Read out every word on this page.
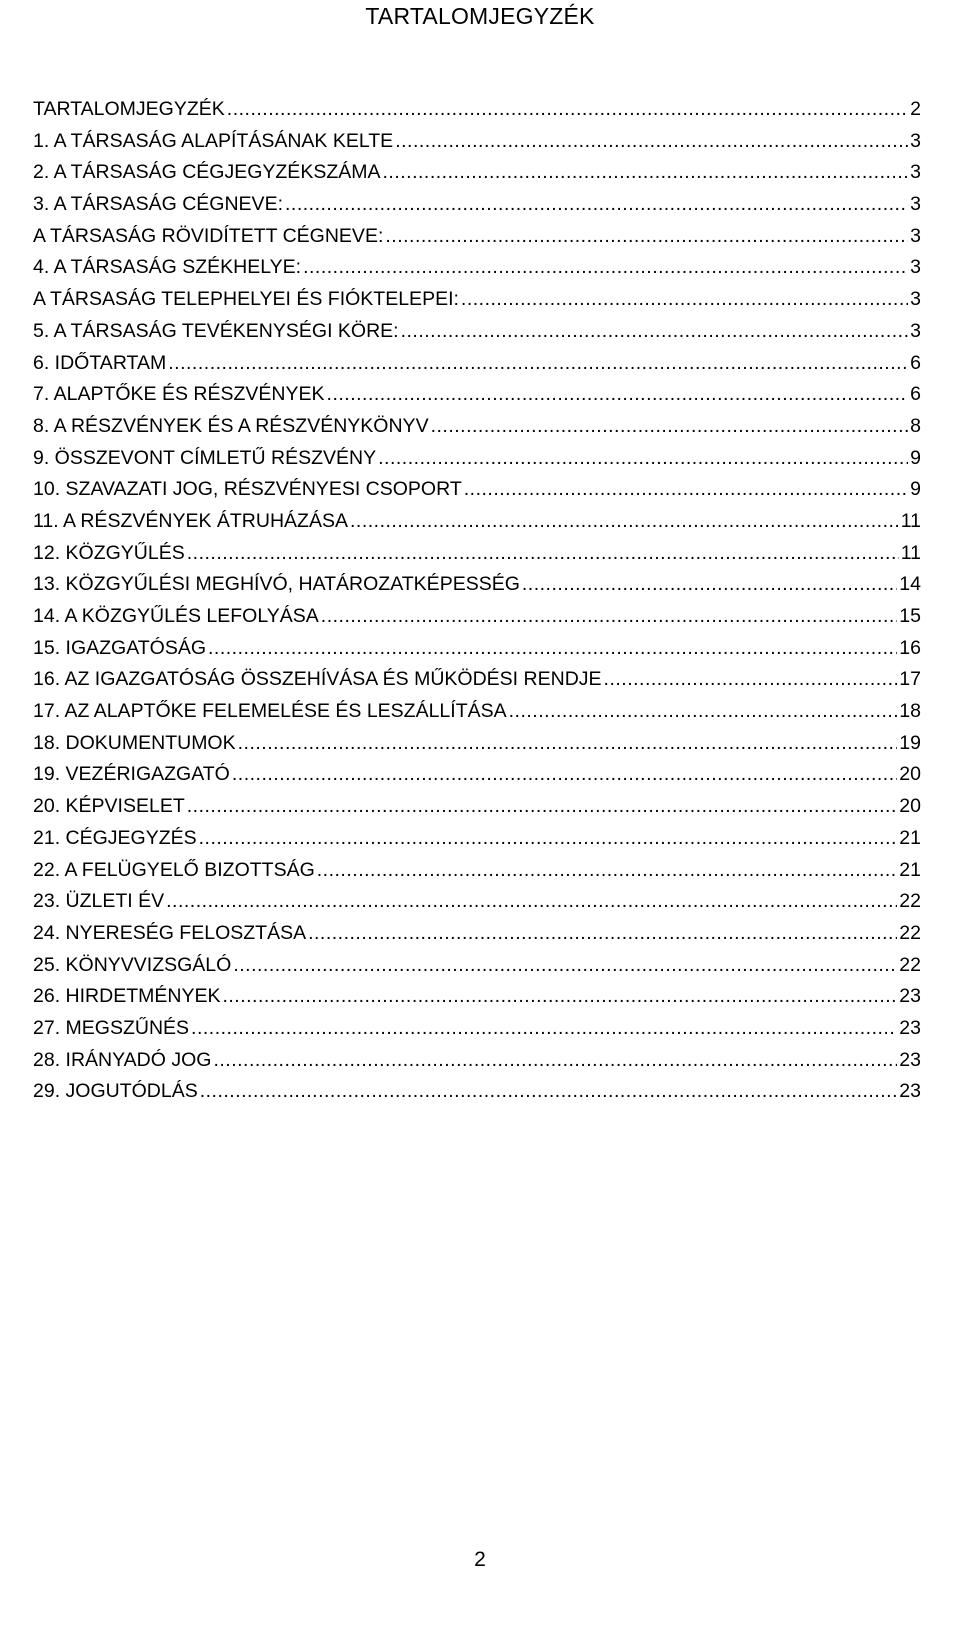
TARTALOMJEGYZÉK
TARTALOMJEGYZÉK .....	2
1. A TÁRSASÁG ALAPÍTÁSÁNAK KELTE .....	3
2. A TÁRSASÁG CÉGJEGYZÉKSZÁMA .....	3
3. A TÁRSASÁG CÉGNEVE: .....	3
A TÁRSASÁG RÖVIDÍTETT CÉGNEVE: .....	3
4. A TÁRSASÁG SZÉKHELYE: .....	3
A TÁRSASÁG TELEPHELYEI ÉS FIÓKTELEPEI: .....	3
5. A TÁRSASÁG TEVÉKENYSÉGI KÖRE: .....	3
6. IDŐTARTAM .....	6
7. ALAPTŐKE ÉS RÉSZVÉNYEK .....	6
8. A RÉSZVÉNYEK ÉS A RÉSZVÉNYKÖNYV .....	8
9. ÖSSZEVONT CÍMLETŰ RÉSZVÉNY .....	9
10. SZAVAZATI JOG, RÉSZVÉNYESI CSOPORT .....	9
11. A RÉSZVÉNYEK ÁTRUHÁZÁSA .....	11
12. KÖZGYŰLÉS .....	11
13. KÖZGYŰLÉSI MEGHÍVÓ, HATÁROZATKÉPESSÉG .....	14
14. A KÖZGYŰLÉS LEFOLYÁSA .....	15
15. IGAZGATÓSÁG .....	16
16. AZ IGAZGATÓSÁG ÖSSZEHÍVÁSA ÉS MŰKÖDÉSI RENDJE .....	17
17. AZ ALAPTŐKE FELEMELÉSE ÉS LESZÁLLÍTÁSA .....	18
18. DOKUMENTUMOK .....	19
19. VEZÉRIGAZGATÓ .....	20
20. KÉPVISELET .....	20
21. CÉGJEGYZÉS .....	21
22. A FELÜGYELŐ BIZOTTSÁG .....	21
23. ÜZLETI ÉV .....	22
24. NYERESÉG FELOSZTÁSA .....	22
25. KÖNYVVIZSGÁLÓ .....	22
26. HIRDETMÉNYEK .....	23
27. MEGSZŰNÉS .....	23
28. IRÁNYADÓ JOG .....	23
29. JOGUTÓDLÁS .....	23
2
